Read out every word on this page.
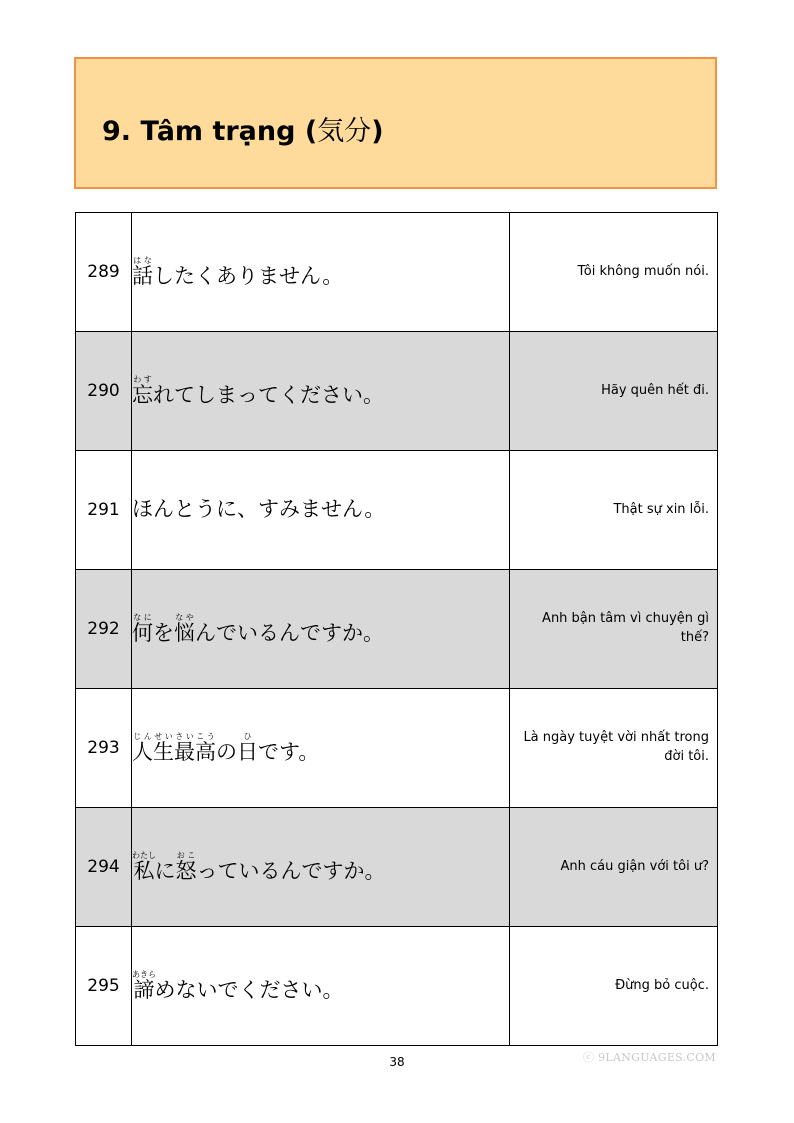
9. Tâm trạng (気分)
289	話はなしたくありません。	Tôi không muốn nói.
290	忘わすれてしまってください。	Hãy quên hết đi.
291	ほんとうに、すみません。	Thật sự xin lỗi.
292	何なにを悩なやんでいるんですか。	Anh bận tâm vì chuyện gì thế?
293	人生じんせい最高さいこうの日ひです。	Là ngày tuyệt vời nhất trong đời tôi.
294	私わたしに怒おこっているんですか。	Anh cáu giận với tôi ư?
295	諦あきらめないでください。	Đừng bỏ cuộc.
38	ⓒ 9LANGUAGES.COM
